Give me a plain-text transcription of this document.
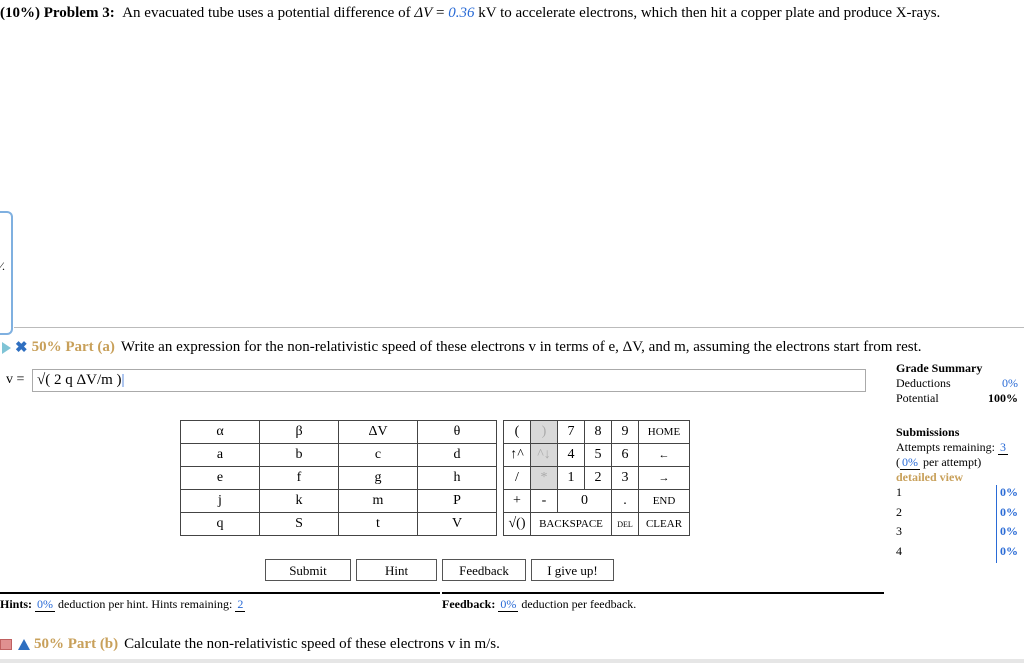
(10%) Problem 3: An evacuated tube uses a potential difference of ΔV = 0.36 kV to accelerate electrons, which then hit a copper plate and produce X-rays.
⁄.
✖ 50% Part (a) Write an expression for the non-relativistic speed of these electrons v in terms of e, ΔV, and m, assuming the electrons start from rest.
v = √( 2 q ΔV/m )|
α	β	ΔV	θ
a	b	c	d
e	f	g	h
j	k	m	P
q	S	t	V
(	)	7	8	9	HOME
↑^	^↓	4	5	6	←
/	*	1	2	3	→
+	-	0		.	END
√()	BACKSPACE			DEL	CLEAR
Submit	Hint	Feedback	I give up!
Hints: 0% deduction per hint. Hints remaining: 2	Feedback: 0% deduction per feedback.
50% Part (b) Calculate the non-relativistic speed of these electrons v in m/s.
Grade Summary
Deductions	0%
Potential	100%
Submissions
Attempts remaining: 3
( 0% per attempt)
detailed view
1	0%
2	0%
3	0%
4	0%
